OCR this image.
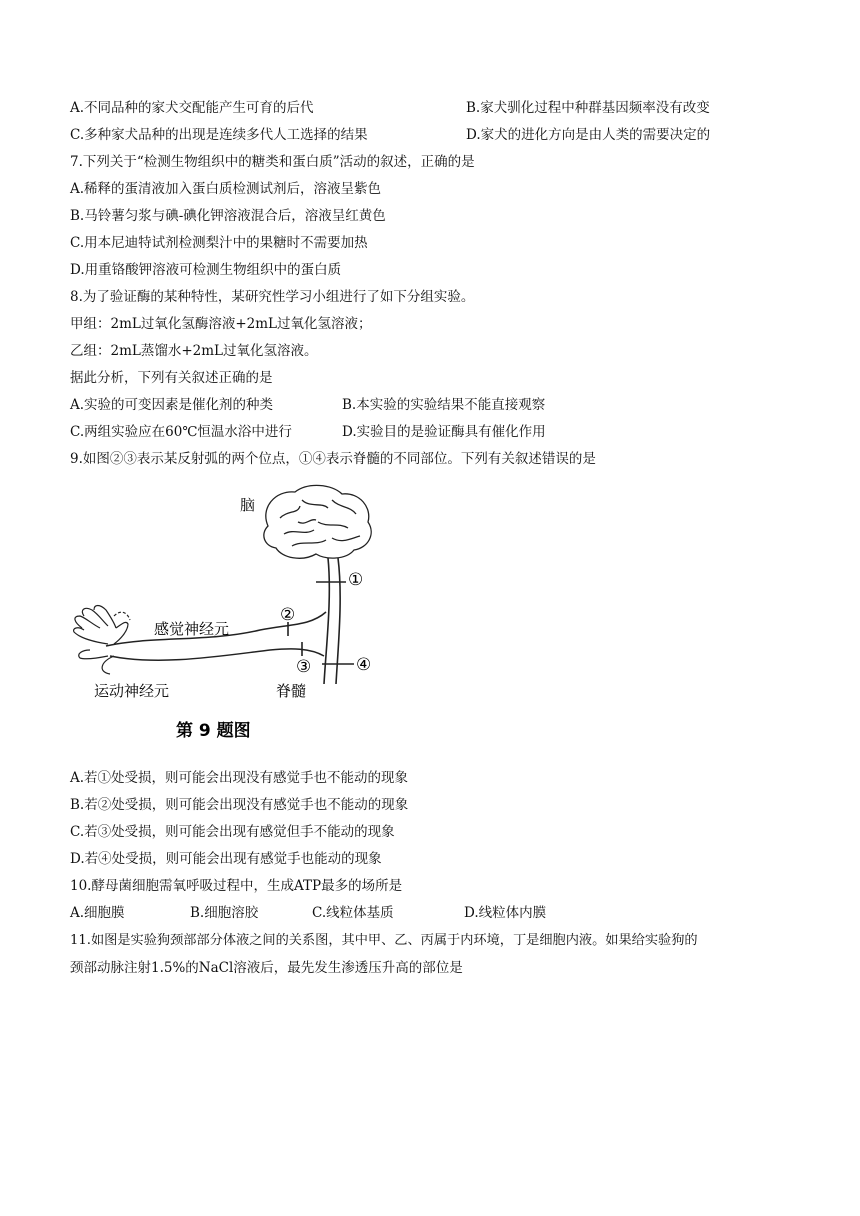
A.不同品种的家犬交配能产生可育的后代	B.家犬驯化过程中种群基因频率没有改变
C.多种家犬品种的出现是连续多代人工选择的结果	D.家犬的进化方向是由人类的需要决定的
7.下列关于“检测生物组织中的糖类和蛋白质”活动的叙述，正确的是
A.稀释的蛋清液加入蛋白质检测试剂后，溶液呈紫色
B.马铃薯匀浆与碘-碘化钾溶液混合后，溶液呈红黄色
C.用本尼迪特试剂检测梨汁中的果糖时不需要加热
D.用重铬酸钾溶液可检测生物组织中的蛋白质
8.为了验证酶的某种特性，某研究性学习小组进行了如下分组实验。
甲组：2mL过氧化氢酶溶液+2mL过氧化氢溶液；
乙组：2mL蒸馏水+2mL过氧化氢溶液。
据此分析，下列有关叙述正确的是
A.实验的可变因素是催化剂的种类	B.本实验的实验结果不能直接观察
C.两组实验应在60℃恒温水浴中进行	D.实验目的是验证酶具有催化作用
9.如图②③表示某反射弧的两个位点，①④表示脊髓的不同部位。下列有关叙述错误的是
①
②
③	④
脑
感觉神经元
运动神经元	脊髓
第 9 题图
A.若①处受损，则可能会出现没有感觉手也不能动的现象
B.若②处受损，则可能会出现没有感觉手也不能动的现象
C.若③处受损，则可能会出现有感觉但手不能动的现象
D.若④处受损，则可能会出现有感觉手也能动的现象
10.酵母菌细胞需氧呼吸过程中，生成ATP最多的场所是
A.细胞膜	B.细胞溶胶	C.线粒体基质	D.线粒体内膜
11.如图是实验狗颈部部分体液之间的关系图，其中甲、乙、丙属于内环境，丁是细胞内液。如果给实验狗的
颈部动脉注射1.5%的NaCl溶液后，最先发生渗透压升高的部位是
